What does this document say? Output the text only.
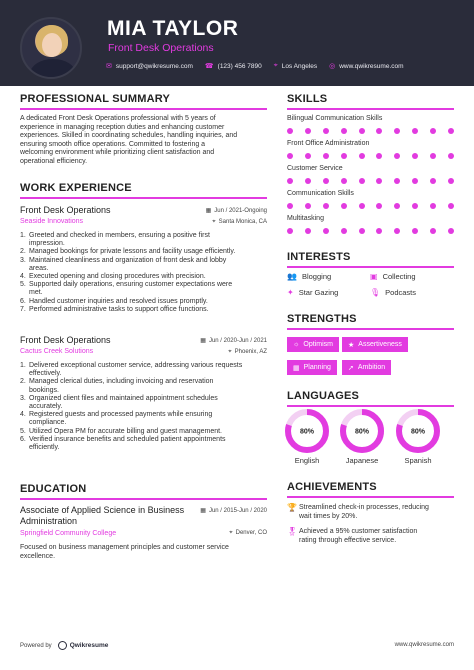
MIA TAYLOR
Front Desk Operations
✉ support@qwikresume.com ☎ (123) 456 7890 ⌖ Los Angeles ◎ www.qwikresume.com
PROFESSIONAL SUMMARY
A dedicated Front Desk Operations professional with 5 years of
experience in managing reception duties and enhancing customer
experiences. Skilled in coordinating schedules, handling inquiries, and
ensuring smooth office operations. Committed to fostering a
welcoming environment while prioritizing client satisfaction and
operational efficiency.
WORK EXPERIENCE
Front Desk Operations	▦ Jun / 2021-Ongoing
Seaside Innovations	⌖ Santa Monica, CA
1. Greeted and checked in members, ensuring a positive first
impression.
2. Managed bookings for private lessons and facility usage efficiently.
3. Maintained cleanliness and organization of front desk and lobby
areas.
4. Executed opening and closing procedures with precision.
5. Supported daily operations, ensuring customer expectations were
met.
6. Handled customer inquiries and resolved issues promptly.
7. Performed administrative tasks to support office functions.
Front Desk Operations	▦ Jun / 2020-Jun / 2021
Cactus Creek Solutions	⌖ Phoenix, AZ
1. Delivered exceptional customer service, addressing various requests
effectively.
2. Managed clerical duties, including invoicing and reservation
bookings.
3. Organized client files and maintained appointment schedules
accurately.
4. Registered guests and processed payments while ensuring
compliance.
5. Utilized Opera PM for accurate billing and guest management.
6. Verified insurance benefits and scheduled patient appointments
efficiently.
EDUCATION
Associate of Applied Science in Business
Administration
▦ Jun / 2015-Jun / 2020
Springfield Community College	⌖ Denver, CO
Focused on business management principles and customer service
excellence.
SKILLS
Bilingual Communication Skills
Front Office Administration
Customer Service
Communication Skills
Multitasking
INTERESTS
👥 Blogging	▣ Collecting
✦ Star Gazing	🎙 Podcasts
STRENGTHS
☼ Optimism ★ Assertiveness
▦ Planning ➚ Ambition
LANGUAGES
80%
English
80%
Japanese
80%
Spanish
ACHIEVEMENTS
🏆 Streamlined check-in processes, reducing
wait times by 20%.
🎖 Achieved a 95% customer satisfaction
rating through effective service.
Powered by	Qwikresume	www.qwikresume.com
